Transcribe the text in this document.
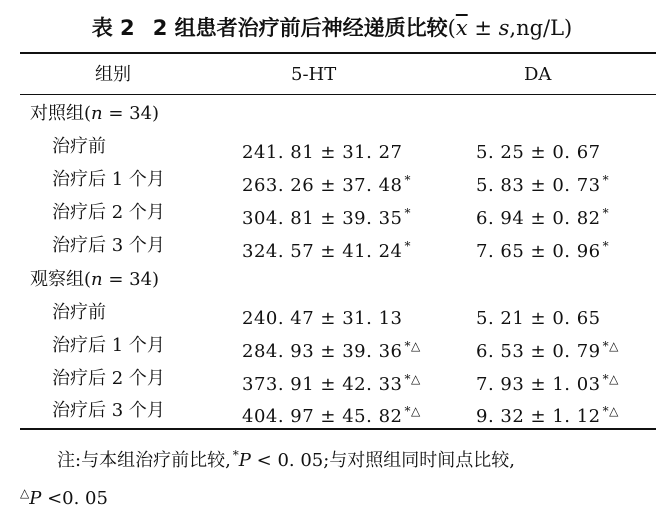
表 2 2 组患者治疗前后神经递质比较$(\overline{x} \pm s,ng/L)$
组别	5-HT	DA
对照组(n = 34)
治疗前	241. 81 ± 31. 27	5. 25 ± 0. 67
治疗后 1 个月	263. 26 ± 37. 48 *	5. 83 ± 0. 73 *
治疗后 2 个月	304. 81 ± 39. 35 *	6. 94 ± 0. 82 *
治疗后 3 个月	324. 57 ± 41. 24 *	7. 65 ± 0. 96 *
观察组(n = 34)
治疗前	240. 47 ± 31. 13	5. 21 ± 0. 65
治疗后 1 个月	284. 93 ± 39. 36 *△	6. 53 ± 0. 79 *△
治疗后 2 个月	373. 91 ± 42. 33 *△	7. 93 ± 1. 03 *△
治疗后 3 个月	404. 97 ± 45. 82 *△	9. 32 ± 1. 12 *△
注:与本组治疗前比较, *P < 0. 05;与对照组同时间点比较,
△P <0. 05
